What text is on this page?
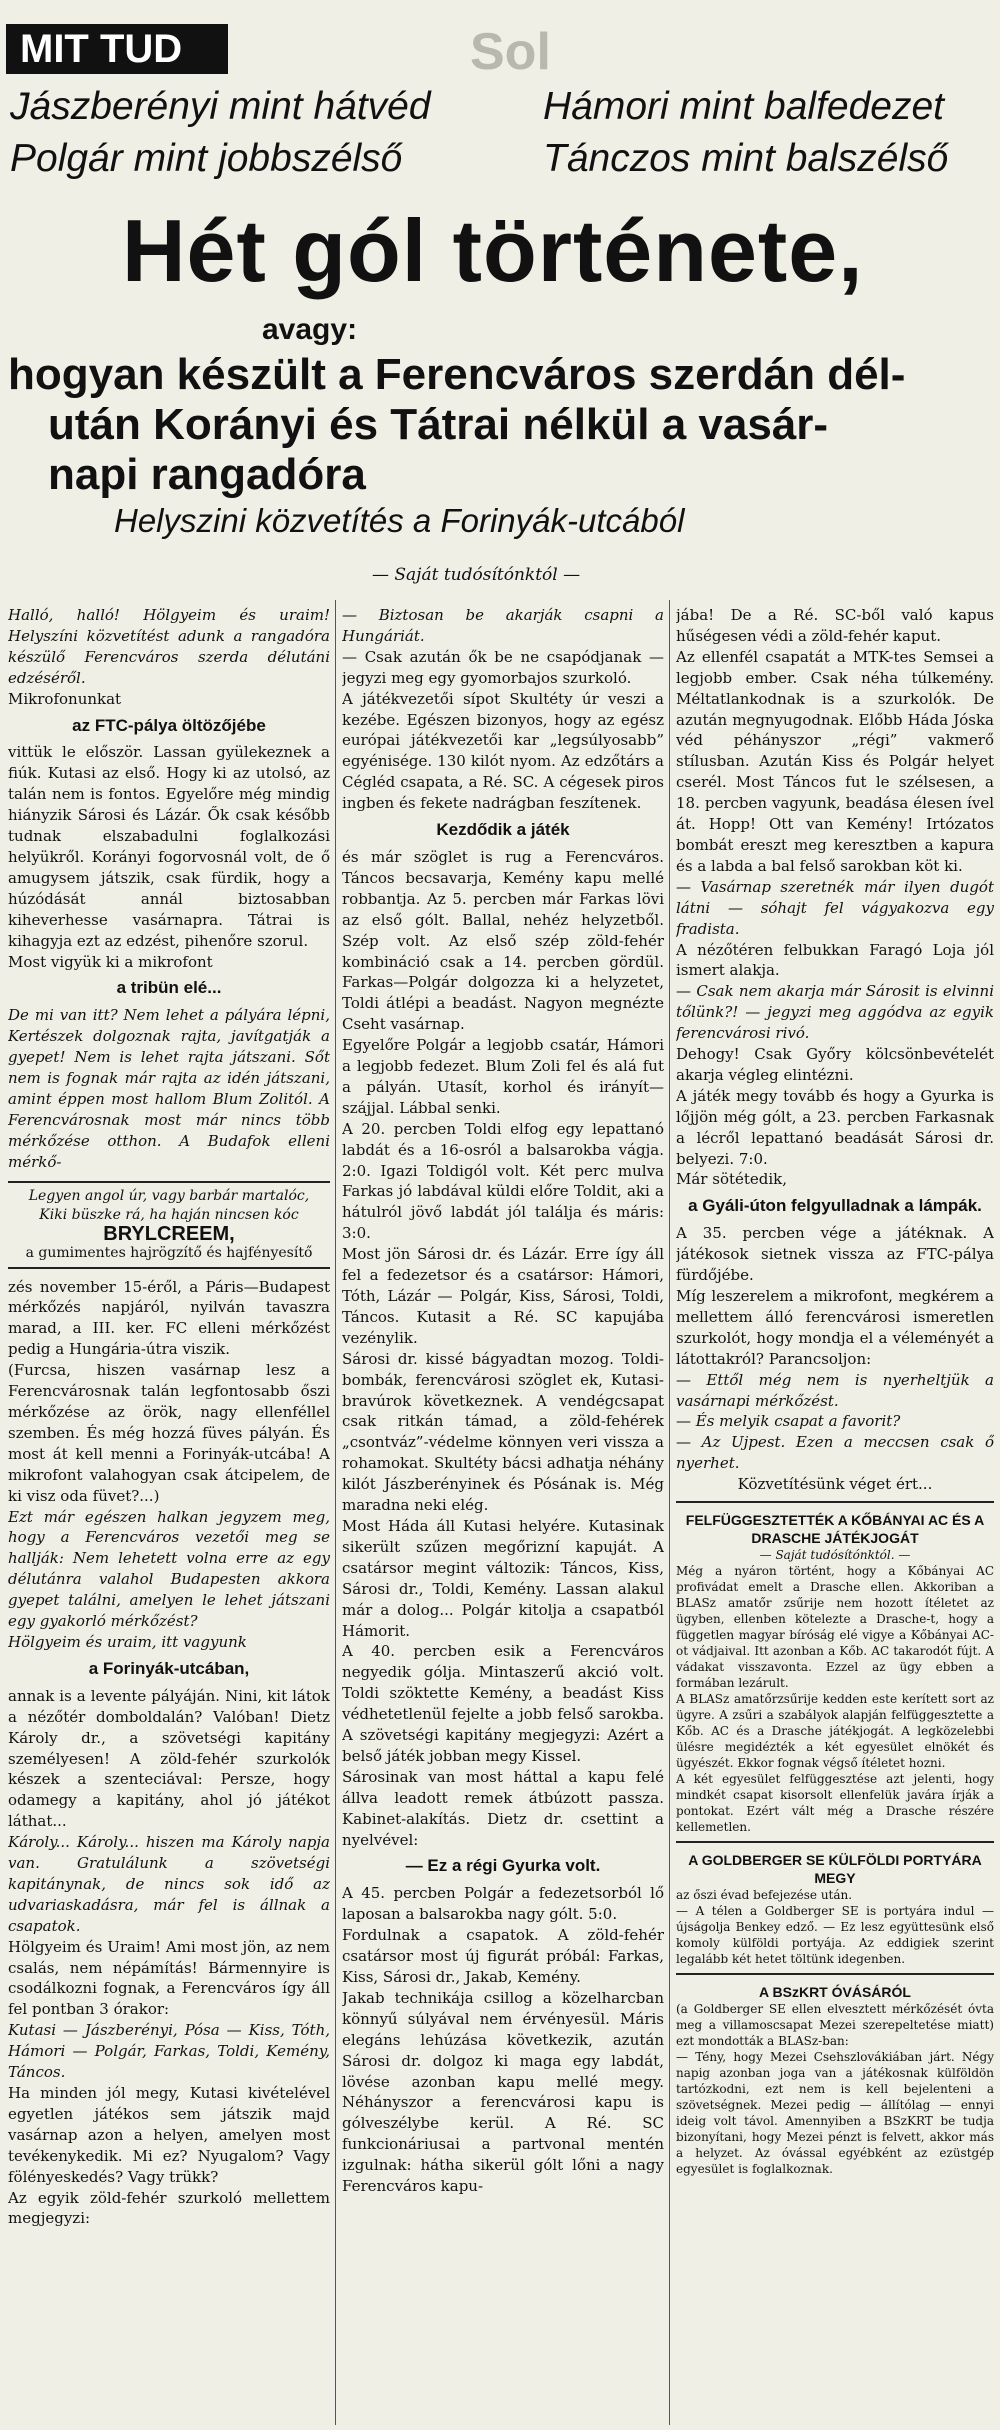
Sol
MIT TUD
Jászberényi mint hátvéd	Hámori mint balfedezet
Polgár mint jobbszélső	Tánczos mint balszélső
Hét gól története,
avagy:
hogyan készült a Ferencváros szerdán dél-
után Korányi és Tátrai nélkül a vasár-
napi rangadóra
Helyszini közvetítés a Forinyák-utcából
— Saját tudósítónktól —

Halló, halló! Hölgyeim és uraim! Helyszíni közvetítést adunk a rangadóra készülő Ferencváros szerda délutáni edzéséről.

Mikrofonunkat

az FTC-pálya öltözőjébe

vittük le először. Lassan gyülekeznek a fiúk. Kutasi az első. Hogy ki az utolsó, az talán nem is fontos. Egyelőre még mindig hiányzik Sárosi és Lázár. Ők csak később tudnak elszabadulni foglalkozási helyükről. Korányi fogorvosnál volt, de ő amugysem játszik, csak fürdik, hogy a húzódását annál biztosabban kiheverhesse vasárnapra. Tátrai is kihagyja ezt az edzést, pihenőre szorul.

Most vigyük ki a mikrofont

a tribün elé...

De mi van itt? Nem lehet a pályára lépni, Kertészek dolgoznak rajta, javítgatják a gyepet! Nem is lehet rajta játszani. Sőt nem is fognak már rajta az idén játszani, amint éppen most hallom Blum Zolitól. A Ferencvárosnak most már nincs több mérkőzése otthon. A Budafok elleni mérkő-

Legyen angol úr, vagy barbár martalóc,
Kiki büszke rá, ha haján nincsen kóc
BRYLCREEM,
a gumimentes hajrögzítő és hajfényesítő

zés november 15-éről, a Páris—Budapest mérkőzés napjáról, nyilván tavaszra marad, a III. ker. FC elleni mérkőzést pedig a Hungária-útra viszik.

(Furcsa, hiszen vasárnap lesz a Ferencvárosnak talán legfontosabb őszi mérkőzése az örök, nagy ellenféllel szemben. És még hozzá füves pályán. És most át kell menni a Forinyák-utcába! A mikrofont valahogyan csak átcipelem, de ki visz oda füvet?...)

Ezt már egészen halkan jegyzem meg, hogy a Ferencváros vezetői meg se hallják: Nem lehetett volna erre az egy délutánra valahol Budapesten akkora gyepet találni, amelyen le lehet játszani egy gyakorló mérkőzést?

Hölgyeim és uraim, itt vagyunk

a Forinyák-utcában,

annak is a levente pályáján. Nini, kit látok a nézőtér domboldalán? Valóban! Dietz Károly dr., a szövetségi kapitány személyesen! A zöld-fehér szurkolók készek a szenteciával: Persze, hogy odamegy a kapitány, ahol jó játékot láthat...

Károly... Károly... hiszen ma Károly napja van. Gratulálunk a szövetségi kapitánynak, de nincs sok idő az udvariaskadásra, már fel is állnak a csapatok.

Hölgyeim és Uraim! Ami most jön, az nem csalás, nem népámítás! Bármennyire is csodálkozni fognak, a Ferencváros így áll fel pontban 3 órakor:

Kutasi — Jászberényi, Pósa — Kiss, Tóth, Hámori — Polgár, Farkas, Toldi, Kemény, Táncos.

Ha minden jól megy, Kutasi kivételével egyetlen játékos sem játszik majd vasárnap azon a helyen, amelyen most tevékenykedik. Mi ez? Nyugalom? Vagy fölényeskedés? Vagy trükk?

Az egyik zöld-fehér szurkoló mellettem megjegyzi:

— Biztosan be akarják csapni a Hungáriát.

— Csak azután ők be ne csapódjanak — jegyzi meg egy gyomorbajos szurkoló.

A játékvezetői sípot Skultéty úr veszi a kezébe. Egészen bizonyos, hogy az egész európai játékvezetői kar „legsúlyosabb” egyénisége. 130 kilót nyom. Az edzőtárs a Cégléd csapata, a Ré. SC. A cégesek piros ingben és fekete nadrágban feszítenek.

Kezdődik a játék

és már szöglet is rug a Ferencváros. Táncos becsavarja, Kemény kapu mellé robbantja. Az 5. percben már Farkas lövi az első gólt. Ballal, nehéz helyzetből. Szép volt. Az első szép zöld-fehér kombináció csak a 14. percben gördül. Farkas—Polgár dolgozza ki a helyzetet, Toldi átlépi a beadást. Nagyon megnézte Cseht vasárnap.

Egyelőre Polgár a legjobb csatár, Hámori a legjobb fedezet. Blum Zoli fel és alá fut a pályán. Utasít, korhol és irányít— szájjal. Lábbal senki.

A 20. percben Toldi elfog egy lepattanó labdát és a 16-osról a balsarokba vágja. 2:0. Igazi Toldigól volt. Két perc mulva Farkas jó labdával küldi előre Toldit, aki a hátulról jövő labdát jól találja és máris: 3:0.

Most jön Sárosi dr. és Lázár. Erre így áll fel a fedezetsor és a csatársor: Hámori, Tóth, Lázár — Polgár, Kiss, Sárosi, Toldi, Táncos. Kutasit a Ré. SC kapujába vezénylik.

Sárosi dr. kissé bágyadtan mozog. Toldi-bombák, ferencvárosi szöglet ek, Kutasi-bravúrok következnek. A vendégcsapat csak ritkán támad, a zöld-fehérek „csontváz”-védelme könnyen veri vissza a rohamokat. Skultéty bácsi adhatja néhány kilót Jászberényinek és Pósának is. Még maradna neki elég.

Most Háda áll Kutasi helyére. Kutasinak sikerült szűzen megőrizní kapuját. A csatársor megint változik: Táncos, Kiss, Sárosi dr., Toldi, Kemény. Lassan alakul már a dolog... Polgár kitolja a csapatból Hámorit.

A 40. percben esik a Ferencváros negyedik gólja. Mintaszerű akció volt. Toldi szöktette Kemény, a beadást Kiss védhetetlenül fejelte a jobb felső sarokba. A szövetségi kapitány megjegyzi: Azért a belső játék jobban megy Kissel.

Sárosinak van most háttal a kapu felé állva leadott remek átbúzott passza. Kabinet-alakítás. Dietz dr. csettint a nyelvével:

— Ez a régi Gyurka volt.

A 45. percben Polgár a fedezetsorból lő laposan a balsarokba nagy gólt. 5:0.

Fordulnak a csapatok. A zöld-fehér csatársor most új figurát próbál: Farkas, Kiss, Sárosi dr., Jakab, Kemény.

Jakab technikája csillog a közelharcban könnyű súlyával nem érvényesül. Máris elegáns lehúzása következik, azután Sárosi dr. dolgoz ki maga egy labdát, lövése azonban kapu mellé megy. Néhányszor a ferencvárosi kapu is gólveszélybe kerül. A Ré. SC funkcionáriusai a partvonal mentén izgulnak: hátha sikerül gólt lőni a nagy Ferencváros kapu-

jába! De a Ré. SC-ből való kapus hűségesen védi a zöld-fehér kaput.

Az ellenfél csapatát a MTK-tes Semsei a legjobb ember. Csak néha túlkemény. Méltatlankodnak is a szurkolók. De azután megnyugodnak. Előbb Háda Jóska véd péhányszor „régi” vakmerő stílusban. Azután Kiss és Polgár helyet cserél. Most Táncos fut le szélsesen, a 18. percben vagyunk, beadása élesen ível át. Hopp! Ott van Kemény! Irtózatos bombát ereszt meg keresztben a kapura és a labda a bal felső sarokban köt ki.

— Vasárnap szeretnék már ilyen dugót látni — sóhajt fel vágyakozva egy fradista.

A nézőtéren felbukkan Faragó Loja jól ismert alakja.

— Csak nem akarja már Sárosit is elvinni tőlünk?! — jegyzi meg aggódva az egyik ferencvárosi rivó.

Dehogy! Csak Győry kölcsönbevételét akarja végleg elintézni.

A játék megy tovább és hogy a Gyurka is lőjjön még gólt, a 23. percben Farkasnak a lécről lepattanó beadását Sárosi dr. belyezi. 7:0.

Már sötétedik,

a Gyáli-úton felgyulladnak a lámpák.

A 35. percben vége a játéknak. A játékosok sietnek vissza az FTC-pálya fürdőjébe.

Míg leszerelem a mikrofont, megkérem a mellettem álló ferencvárosi ismeretlen szurkolót, hogy mondja el a véleményét a látottakról? Parancsoljon:

— Ettől még nem is nyerheltjük a vasárnapi mérkőzést.

— És melyik csapat a favorit?

— Az Ujpest. Ezen a meccsen csak ő nyerhet.

Közvetítésünk véget ért...

FELFÜGGESZTETTÉK A KŐBÁNYAI AC ÉS A DRASCHE JÁTÉKJOGÁT
— Saját tudósítónktól. —

Még a nyáron történt, hogy a Kőbányai AC profivádat emelt a Drasche ellen. Akkoriban a BLASz amatőr zsűrije nem hozott ítéletet az ügyben, ellenben kötelezte a Drasche-t, hogy a független magyar bíróság elé vigye a Kőbányai AC-ot vádjaival. Itt azonban a Kőb. AC takarodót fújt. A vádakat visszavonta. Ezzel az ügy ebben a formában lezárult.

A BLASz amatőrzsűrije kedden este kerített sort az ügyre. A zsűri a szabályok alapján felfüggesztette a Kőb. AC és a Drasche játékjogát. A legközelebbi ülésre megidézték a két egyesület elnökét és ügyészét. Ekkor fognak végső ítéletet hozni.

A két egyesület felfüggesztése azt jelenti, hogy mindkét csapat kisorsolt ellenfelük javára írják a pontokat. Ezért vált még a Drasche részére kellemetlen.

A GOLDBERGER SE KÜLFÖLDI PORTYÁRA MEGY

az őszi évad befejezése után.

— A télen a Goldberger SE is portyára indul — újságolja Benkey edző. — Ez lesz együttesünk első komoly külföldi portyája. Az eddigiek szerint legalább két hetet töltünk idegenben.

A BSzKRT ÓVÁSÁRÓL

(a Goldberger SE ellen elvesztett mérkőzését óvta meg a villamoscsapat Mezei szerepeltetése miatt) ezt mondották a BLASz-ban:

— Tény, hogy Mezei Csehszlovákiában járt. Négy napig azonban joga van a játékosnak külföldön tartózkodni, ezt nem is kell bejelenteni a szövetségnek. Mezei pedig — állítólag — ennyi ideig volt távol. Amennyiben a BSzKRT be tudja bizonyítani, hogy Mezei pénzt is felvett, akkor más a helyzet. Az óvással egyébként az ezüstgép egyesület is foglalkoznak.
